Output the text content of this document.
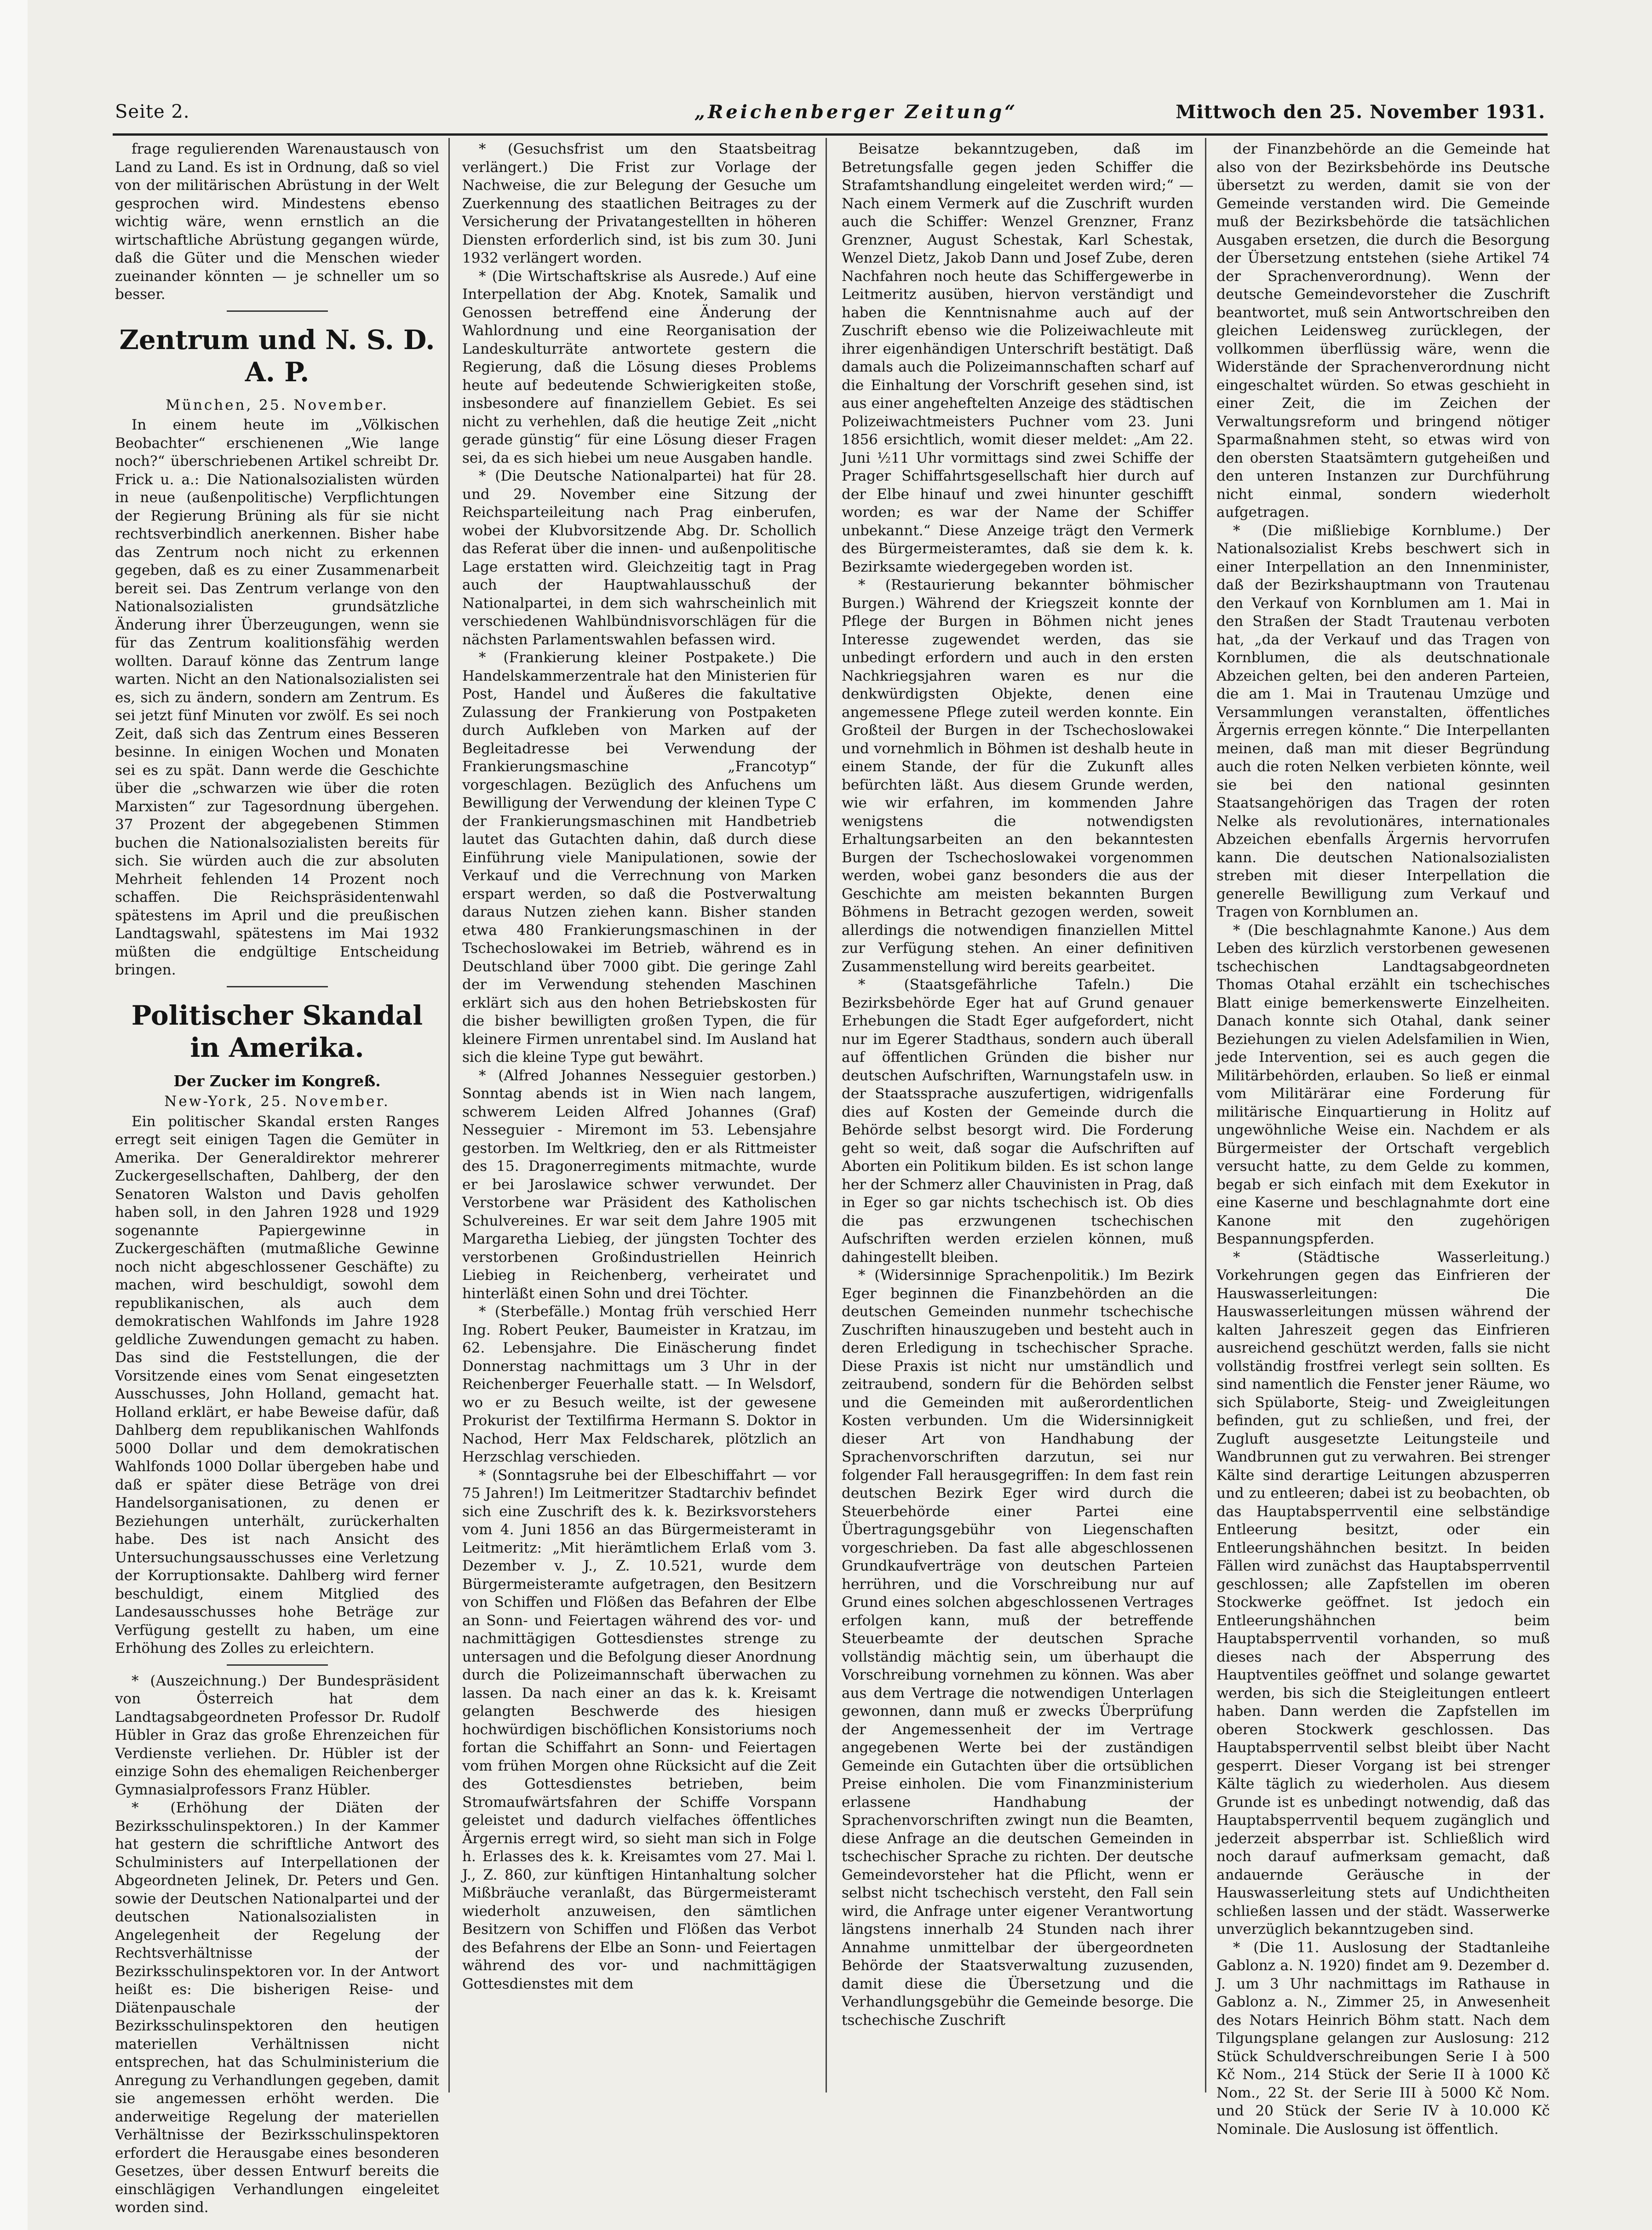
Seite 2.	„Reichenberger Zeitung“	Mittwoch den 25. November 1931.

frage regulierenden Warenaustausch von Land zu Land. Es ist in Ordnung, daß so viel von der militärischen Abrüstung in der Welt gesprochen wird. Mindestens ebenso wichtig wäre, wenn ernstlich an die wirtschaftliche Abrüstung gegangen würde, daß die Güter und die Menschen wieder zueinander könnten — je schneller um so besser.

Zentrum und N. S. D. A. P.
München, 25. November.

In einem heute im „Völkischen Beobachter“ erschienenen „Wie lange noch?“ überschriebenen Artikel schreibt Dr. Frick u. a.: Die Nationalsozialisten würden in neue (außenpolitische) Verpflichtungen der Regierung Brüning als für sie nicht rechtsverbindlich anerkennen. Bisher habe das Zentrum noch nicht zu erkennen gegeben, daß es zu einer Zusammenarbeit bereit sei. Das Zentrum verlange von den Nationalsozialisten grundsätzliche Änderung ihrer Überzeugungen, wenn sie für das Zentrum koalitionsfähig werden wollten. Darauf könne das Zentrum lange warten. Nicht an den Nationalsozialisten sei es, sich zu ändern, sondern am Zentrum. Es sei jetzt fünf Minuten vor zwölf. Es sei noch Zeit, daß sich das Zentrum eines Besseren besinne. In einigen Wochen und Monaten sei es zu spät. Dann werde die Geschichte über die „schwarzen wie über die roten Marxisten“ zur Tagesordnung übergehen. 37 Prozent der abgegebenen Stimmen buchen die Nationalsozialisten bereits für sich. Sie würden auch die zur absoluten Mehrheit fehlenden 14 Prozent noch schaffen. Die Reichspräsidentenwahl spätestens im April und die preußischen Landtagswahl, spätestens im Mai 1932 müßten die endgültige Entscheidung bringen.

Politischer Skandal in Amerika.
Der Zucker im Kongreß.
New-York, 25. November.

Ein politischer Skandal ersten Ranges erregt seit einigen Tagen die Gemüter in Amerika. Der Generaldirektor mehrerer Zuckergesellschaften, Dahlberg, der den Senatoren Walston und Davis geholfen haben soll, in den Jahren 1928 und 1929 sogenannte Papiergewinne in Zuckergeschäften (mutmaßliche Gewinne noch nicht abgeschlossener Geschäfte) zu machen, wird beschuldigt, sowohl dem republikanischen, als auch dem demokratischen Wahlfonds im Jahre 1928 geldliche Zuwendungen gemacht zu haben. Das sind die Feststellungen, die der Vorsitzende eines vom Senat eingesetzten Ausschusses, John Holland, gemacht hat. Holland erklärt, er habe Beweise dafür, daß Dahlberg dem republikanischen Wahlfonds 5000 Dollar und dem demokratischen Wahlfonds 1000 Dollar übergeben habe und daß er später diese Beträge von drei Handelsorganisationen, zu denen er Beziehungen unterhält, zurückerhalten habe. Des ist nach Ansicht des Untersuchungsausschusses eine Verletzung der Korruptionsakte. Dahlberg wird ferner beschuldigt, einem Mitglied des Landesausschusses hohe Beträge zur Verfügung gestellt zu haben, um eine Erhöhung des Zolles zu erleichtern.

* (Auszeichnung.) Der Bundespräsident von Österreich hat dem Landtagsabgeordneten Professor Dr. Rudolf Hübler in Graz das große Ehrenzeichen für Verdienste verliehen. Dr. Hübler ist der einzige Sohn des ehemaligen Reichenberger Gymnasialprofessors Franz Hübler.

* (Erhöhung der Diäten der Bezirksschulinspektoren.) In der Kammer hat gestern die schriftliche Antwort des Schulministers auf Interpellationen der Abgeordneten Jelinek, Dr. Peters und Gen. sowie der Deutschen Nationalpartei und der deutschen Nationalsozialisten in Angelegenheit der Regelung der Rechtsverhältnisse der Bezirksschulinspektoren vor. In der Antwort heißt es: Die bisherigen Reise- und Diätenpauschale der Bezirksschulinspektoren den heutigen materiellen Verhältnissen nicht entsprechen, hat das Schulministerium die Anregung zu Verhandlungen gegeben, damit sie angemessen erhöht werden. Die anderweitige Regelung der materiellen Verhältnisse der Bezirksschulinspektoren erfordert die Herausgabe eines besonderen Gesetzes, über dessen Entwurf bereits die einschlägigen Verhandlungen eingeleitet worden sind.

* (Gesuchsfrist um den Staatsbeitrag verlängert.) Die Frist zur Vorlage der Nachweise, die zur Belegung der Gesuche um Zuerkennung des staatlichen Beitrages zu der Versicherung der Privatangestellten in höheren Diensten erforderlich sind, ist bis zum 30. Juni 1932 verlängert worden.

* (Die Wirtschaftskrise als Ausrede.) Auf eine Interpellation der Abg. Knotek, Samalik und Genossen betreffend eine Änderung der Wahlordnung und eine Reorganisation der Landeskulturräte antwortete gestern die Regierung, daß die Lösung dieses Problems heute auf bedeutende Schwierigkeiten stoße, insbesondere auf finanziellem Gebiet. Es sei nicht zu verhehlen, daß die heutige Zeit „nicht gerade günstig“ für eine Lösung dieser Fragen sei, da es sich hiebei um neue Ausgaben handle.

* (Die Deutsche Nationalpartei) hat für 28. und 29. November eine Sitzung der Reichsparteileitung nach Prag einberufen, wobei der Klubvorsitzende Abg. Dr. Schollich das Referat über die innen- und außenpolitische Lage erstatten wird. Gleichzeitig tagt in Prag auch der Hauptwahlausschuß der Nationalpartei, in dem sich wahrscheinlich mit verschiedenen Wahlbündnisvorschlägen für die nächsten Parlamentswahlen befassen wird.

* (Frankierung kleiner Postpakete.) Die Handelskammerzentrale hat den Ministerien für Post, Handel und Äußeres die fakultative Zulassung der Frankierung von Postpaketen durch Aufkleben von Marken auf der Begleitadresse bei Verwendung der Frankierungsmaschine „Francotyp“ vorgeschlagen. Bezüglich des Anfuchens um Bewilligung der Verwendung der kleinen Type C der Frankierungsmaschinen mit Handbetrieb lautet das Gutachten dahin, daß durch diese Einführung viele Manipulationen, sowie der Verkauf und die Verrechnung von Marken erspart werden, so daß die Postverwaltung daraus Nutzen ziehen kann. Bisher standen etwa 480 Frankierungsmaschinen in der Tschechoslowakei im Betrieb, während es in Deutschland über 7000 gibt. Die geringe Zahl der im Verwendung stehenden Maschinen erklärt sich aus den hohen Betriebskosten für die bisher bewilligten großen Typen, die für kleinere Firmen unrentabel sind. Im Ausland hat sich die kleine Type gut bewährt.

* (Alfred Johannes Nesseguier gestorben.) Sonntag abends ist in Wien nach langem, schwerem Leiden Alfred Johannes (Graf) Nesseguier - Miremont im 53. Lebensjahre gestorben. Im Weltkrieg, den er als Rittmeister des 15. Dragonerregiments mitmachte, wurde er bei Jaroslawice schwer verwundet. Der Verstorbene war Präsident des Katholischen Schulvereines. Er war seit dem Jahre 1905 mit Margaretha Liebieg, der jüngsten Tochter des verstorbenen Großindustriellen Heinrich Liebieg in Reichenberg, verheiratet und hinterläßt einen Sohn und drei Töchter.

* (Sterbefälle.) Montag früh verschied Herr Ing. Robert Peuker, Baumeister in Kratzau, im 62. Lebensjahre. Die Einäscherung findet Donnerstag nachmittags um 3 Uhr in der Reichenberger Feuerhalle statt. — In Welsdorf, wo er zu Besuch weilte, ist der gewesene Prokurist der Textilfirma Hermann S. Doktor in Nachod, Herr Max Feldscharek, plötzlich an Herzschlag verschieden.

* (Sonntagsruhe bei der Elbeschiffahrt — vor 75 Jahren!) Im Leitmeritzer Stadtarchiv befindet sich eine Zuschrift des k. k. Bezirksvorstehers vom 4. Juni 1856 an das Bürgermeisteramt in Leitmeritz: „Mit hierämtlichem Erlaß vom 3. Dezember v. J., Z. 10.521, wurde dem Bürgermeisteramte aufgetragen, den Besitzern von Schiffen und Flößen das Befahren der Elbe an Sonn- und Feiertagen während des vor- und nachmittägigen Gottesdienstes strenge zu untersagen und die Befolgung dieser Anordnung durch die Polizeimannschaft überwachen zu lassen. Da nach einer an das k. k. Kreisamt gelangten Beschwerde des hiesigen hochwürdigen bischöflichen Konsistoriums noch fortan die Schiffahrt an Sonn- und Feiertagen vom frühen Morgen ohne Rücksicht auf die Zeit des Gottesdienstes betrieben, beim Stromaufwärtsfahren der Schiffe Vorspann geleistet und dadurch vielfaches öffentliches Ärgernis erregt wird, so sieht man sich in Folge h. Erlasses des k. k. Kreisamtes vom 27. Mai l. J., Z. 860, zur künftigen Hintanhaltung solcher Mißbräuche veranlaßt, das Bürgermeisteramt wiederholt anzuweisen, den sämtlichen Besitzern von Schiffen und Flößen das Verbot des Befahrens der Elbe an Sonn- und Feiertagen während des vor- und nachmittägigen Gottesdienstes mit dem

Beisatze bekanntzugeben, daß im Betretungsfalle gegen jeden Schiffer die Strafamtshandlung eingeleitet werden wird;“ — Nach einem Vermerk auf die Zuschrift wurden auch die Schiffer: Wenzel Grenzner, Franz Grenzner, August Schestak, Karl Schestak, Wenzel Dietz, Jakob Dann und Josef Zube, deren Nachfahren noch heute das Schiffergewerbe in Leitmeritz ausüben, hiervon verständigt und haben die Kenntnisnahme auch auf der Zuschrift ebenso wie die Polizeiwachleute mit ihrer eigenhändigen Unterschrift bestätigt. Daß damals auch die Polizeimannschaften scharf auf die Einhaltung der Vorschrift gesehen sind, ist aus einer angeheftelten Anzeige des städtischen Polizeiwachtmeisters Puchner vom 23. Juni 1856 ersichtlich, womit dieser meldet: „Am 22. Juni ½11 Uhr vormittags sind zwei Schiffe der Prager Schiffahrtsgesellschaft hier durch auf der Elbe hinauf und zwei hinunter geschifft worden; es war der Name der Schiffer unbekannt.“ Diese Anzeige trägt den Vermerk des Bürgermeisteramtes, daß sie dem k. k. Bezirksamte wiedergegeben worden ist.

* (Restaurierung bekannter böhmischer Burgen.) Während der Kriegszeit konnte der Pflege der Burgen in Böhmen nicht jenes Interesse zugewendet werden, das sie unbedingt erfordern und auch in den ersten Nachkriegsjahren waren es nur die denkwürdigsten Objekte, denen eine angemessene Pflege zuteil werden konnte. Ein Großteil der Burgen in der Tschechoslowakei und vornehmlich in Böhmen ist deshalb heute in einem Stande, der für die Zukunft alles befürchten läßt. Aus diesem Grunde werden, wie wir erfahren, im kommenden Jahre wenigstens die notwendigsten Erhaltungsarbeiten an den bekanntesten Burgen der Tschechoslowakei vorgenommen werden, wobei ganz besonders die aus der Geschichte am meisten bekannten Burgen Böhmens in Betracht gezogen werden, soweit allerdings die notwendigen finanziellen Mittel zur Verfügung stehen. An einer definitiven Zusammenstellung wird bereits gearbeitet.

* (Staatsgefährliche Tafeln.) Die Bezirksbehörde Eger hat auf Grund genauer Erhebungen die Stadt Eger aufgefordert, nicht nur im Egerer Stadthaus, sondern auch überall auf öffentlichen Gründen die bisher nur deutschen Aufschriften, Warnungstafeln usw. in der Staatssprache auszufertigen, widrigenfalls dies auf Kosten der Gemeinde durch die Behörde selbst besorgt wird. Die Forderung geht so weit, daß sogar die Aufschriften auf Aborten ein Politikum bilden. Es ist schon lange her der Schmerz aller Chauvinisten in Prag, daß in Eger so gar nichts tschechisch ist. Ob dies die pas erzwungenen tschechischen Aufschriften werden erzielen können, muß dahingestellt bleiben.

* (Widersinnige Sprachenpolitik.) Im Bezirk Eger beginnen die Finanzbehörden an die deutschen Gemeinden nunmehr tschechische Zuschriften hinauszugeben und besteht auch in deren Erledigung in tschechischer Sprache. Diese Praxis ist nicht nur umständlich und zeitraubend, sondern für die Behörden selbst und die Gemeinden mit außerordentlichen Kosten verbunden. Um die Widersinnigkeit dieser Art von Handhabung der Sprachenvorschriften darzutun, sei nur folgender Fall herausgegriffen: In dem fast rein deutschen Bezirk Eger wird durch die Steuerbehörde einer Partei eine Übertragungsgebühr von Liegenschaften vorgeschrieben. Da fast alle abgeschlossenen Grundkaufverträge von deutschen Parteien herrühren, und die Vorschreibung nur auf Grund eines solchen abgeschlossenen Vertrages erfolgen kann, muß der betreffende Steuerbeamte der deutschen Sprache vollständig mächtig sein, um überhaupt die Vorschreibung vornehmen zu können. Was aber aus dem Vertrage die notwendigen Unterlagen gewonnen, dann muß er zwecks Überprüfung der Angemessenheit der im Vertrage angegebenen Werte bei der zuständigen Gemeinde ein Gutachten über die ortsüblichen Preise einholen. Die vom Finanzministerium erlassene Handhabung der Sprachenvorschriften zwingt nun die Beamten, diese Anfrage an die deutschen Gemeinden in tschechischer Sprache zu richten. Der deutsche Gemeindevorsteher hat die Pflicht, wenn er selbst nicht tschechisch versteht, den Fall sein wird, die Anfrage unter eigener Verantwortung längstens innerhalb 24 Stunden nach ihrer Annahme unmittelbar der übergeordneten Behörde der Staatsverwaltung zuzusenden, damit diese die Übersetzung und die Verhandlungsgebühr die Gemeinde besorge. Die tschechische Zuschrift

der Finanzbehörde an die Gemeinde hat also von der Bezirksbehörde ins Deutsche übersetzt zu werden, damit sie von der Gemeinde verstanden wird. Die Gemeinde muß der Bezirksbehörde die tatsächlichen Ausgaben ersetzen, die durch die Besorgung der Übersetzung entstehen (siehe Artikel 74 der Sprachenverordnung). Wenn der deutsche Gemeindevorsteher die Zuschrift beantwortet, muß sein Antwortschreiben den gleichen Leidensweg zurücklegen, der vollkommen überflüssig wäre, wenn die Widerstände der Sprachenverordnung nicht eingeschaltet würden. So etwas geschieht in einer Zeit, die im Zeichen der Verwaltungsreform und bringend nötiger Sparmaßnahmen steht, so etwas wird von den obersten Staatsämtern gutgeheißen und den unteren Instanzen zur Durchführung nicht einmal, sondern wiederholt aufgetragen.

* (Die mißliebige Kornblume.) Der Nationalsozialist Krebs beschwert sich in einer Interpellation an den Innenminister, daß der Bezirkshauptmann von Trautenau den Verkauf von Kornblumen am 1. Mai in den Straßen der Stadt Trautenau verboten hat, „da der Verkauf und das Tragen von Kornblumen, die als deutschnationale Abzeichen gelten, bei den anderen Parteien, die am 1. Mai in Trautenau Umzüge und Versammlungen veranstalten, öffentliches Ärgernis erregen könnte.“ Die Interpellanten meinen, daß man mit dieser Begründung auch die roten Nelken verbieten könnte, weil sie bei den national gesinnten Staatsangehörigen das Tragen der roten Nelke als revolutionäres, internationales Abzeichen ebenfalls Ärgernis hervorrufen kann. Die deutschen Nationalsozialisten streben mit dieser Interpellation die generelle Bewilligung zum Verkauf und Tragen von Kornblumen an.

* (Die beschlagnahmte Kanone.) Aus dem Leben des kürzlich verstorbenen gewesenen tschechischen Landtagsabgeordneten Thomas Otahal erzählt ein tschechisches Blatt einige bemerkenswerte Einzelheiten. Danach konnte sich Otahal, dank seiner Beziehungen zu vielen Adelsfamilien in Wien, jede Intervention, sei es auch gegen die Militärbehörden, erlauben. So ließ er einmal vom Militärärar eine Forderung für militärische Einquartierung in Holitz auf ungewöhnliche Weise ein. Nachdem er als Bürgermeister der Ortschaft vergeblich versucht hatte, zu dem Gelde zu kommen, begab er sich einfach mit dem Exekutor in eine Kaserne und beschlagnahmte dort eine Kanone mit den zugehörigen Bespannungspferden.

* (Städtische Wasserleitung.) Vorkehrungen gegen das Einfrieren der Hauswasserleitungen: Die Hauswasserleitungen müssen während der kalten Jahreszeit gegen das Einfrieren ausreichend geschützt werden, falls sie nicht vollständig frostfrei verlegt sein sollten. Es sind namentlich die Fenster jener Räume, wo sich Spülaborte, Steig- und Zweigleitungen befinden, gut zu schließen, und frei, der Zugluft ausgesetzte Leitungsteile und Wandbrunnen gut zu verwahren. Bei strenger Kälte sind derartige Leitungen abzusperren und zu entleeren; dabei ist zu beobachten, ob das Hauptabsperrventil eine selbständige Entleerung besitzt, oder ein Entleerungshähnchen besitzt. In beiden Fällen wird zunächst das Hauptabsperrventil geschlossen; alle Zapfstellen im oberen Stockwerke geöffnet. Ist jedoch ein Entleerungshähnchen beim Hauptabsperrventil vorhanden, so muß dieses nach der Absperrung des Hauptventiles geöffnet und solange gewartet werden, bis sich die Steigleitungen entleert haben. Dann werden die Zapfstellen im oberen Stockwerk geschlossen. Das Hauptabsperrventil selbst bleibt über Nacht gesperrt. Dieser Vorgang ist bei strenger Kälte täglich zu wiederholen. Aus diesem Grunde ist es unbedingt notwendig, daß das Hauptabsperrventil bequem zugänglich und jederzeit absperrbar ist. Schließlich wird noch darauf aufmerksam gemacht, daß andauernde Geräusche in der Hauswasserleitung stets auf Undichtheiten schließen lassen und der städt. Wasserwerke unverzüglich bekanntzugeben sind.

* (Die 11. Auslosung der Stadtanleihe Gablonz a. N. 1920) findet am 9. Dezember d. J. um 3 Uhr nachmittags im Rathause in Gablonz a. N., Zimmer 25, in Anwesenheit des Notars Heinrich Böhm statt. Nach dem Tilgungsplane gelangen zur Auslosung: 212 Stück Schuldverschreibungen Serie I à 500 Kč Nom., 214 Stück der Serie II à 1000 Kč Nom., 22 St. der Serie III à 5000 Kč Nom. und 20 Stück der Serie IV à 10.000 Kč Nominale. Die Auslosung ist öffentlich.
